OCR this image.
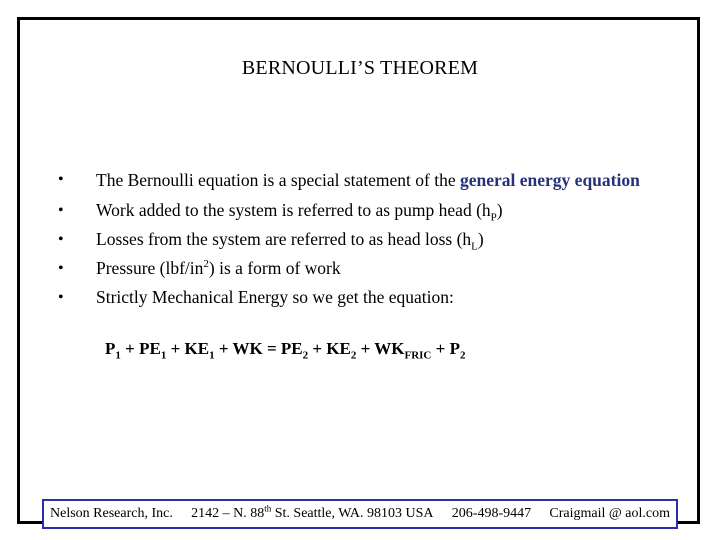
BERNOULLI’S THEOREM
• The Bernoulli equation is a special statement of the general energy equation
• Work added to the system is referred to as pump head $(h_P)$
• Losses from the system are referred to as head loss $(h_L)$
• Pressure $(lbf/in^2)$ is a form of work
• Strictly Mechanical Energy so we get the equation:
$P_1 + PE_1 + KE_1$ + WK = $PE_2 + KE_2 + WK_{FRIC} + P_2$
Nelson Research, Inc. 2142 – N. 88th St. Seattle, WA. 98103 USA 206-498-9447 Craigmail @ aol.com
